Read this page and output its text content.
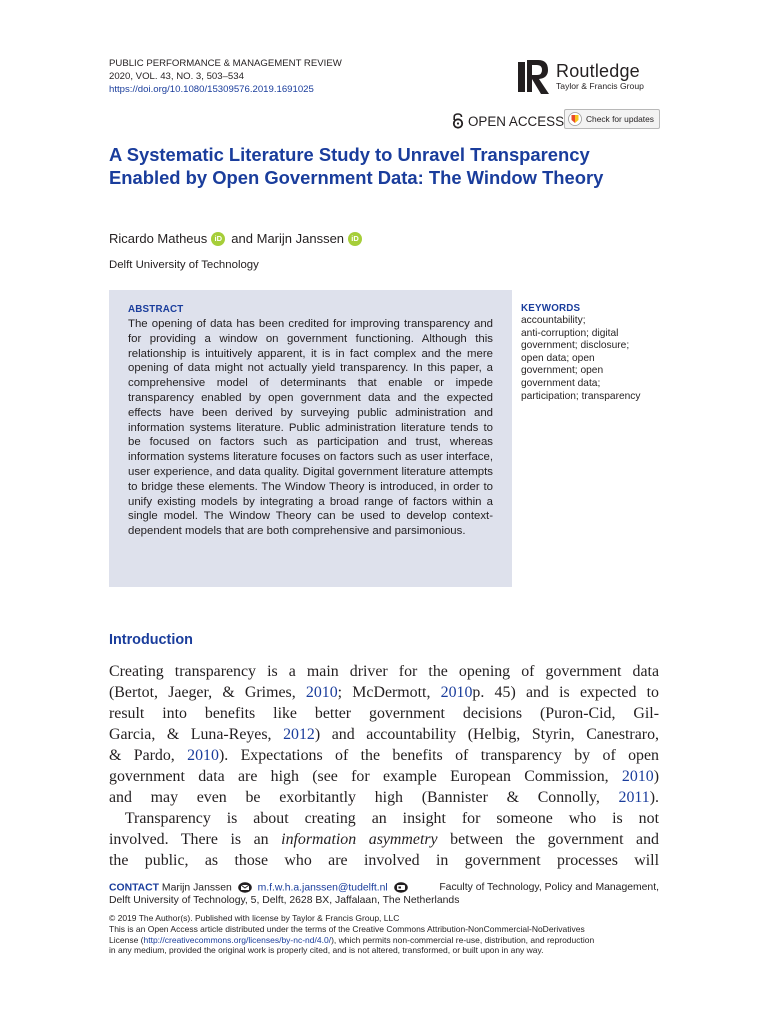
PUBLIC PERFORMANCE & MANAGEMENT REVIEW
2020, VOL. 43, NO. 3, 503–534
https://doi.org/10.1080/15309576.2019.1691025
Routledge
Taylor & Francis Group
OPEN ACCESS	Check for updates
A Systematic Literature Study to Unravel Transparency Enabled by Open Government Data: The Window Theory
Ricardo Matheus iD and
Marijn Janssen iD
Delft University of Technology
ABSTRACT

The opening of data has been credited for improving transparency and for providing a window on government functioning. Although this relationship is intuitively apparent, it is in fact complex and the mere opening of data might not actually yield transparency. In this paper, a comprehensive model of determinants that enable or impede transparency enabled by open government data and the expected effects have been derived by surveying public administration and information systems literature. Public administration literature tends to be focused on factors such as participation and trust, whereas information systems literature focuses on factors such as user interface, user experience, and data quality. Digital government literature attempts to bridge these elements. The Window Theory is introduced, in order to unify existing models by integrating a broad range of factors within a single model. The Window Theory can be used to develop context-dependent models that are both comprehensive and parsimonious.

KEYWORDS
accountability;
anti-corruption; digital
government; disclosure;
open data; open
government; open
government data;
participation; transparency
Introduction
Creating transparency is a main driver for the opening of government data
(Bertot, Jaeger, & Grimes, 2010; McDermott, 2010p. 45) and is expected to
result into benefits like better government decisions (Puron-Cid, Gil-
Garcia, & Luna-Reyes, 2012) and accountability (Helbig, Styrin, Canestraro,
& Pardo, 2010). Expectations of the benefits of transparency by of open
government data are high (see for example European Commission, 2010)
and may even be exorbitantly high (Bannister & Connolly, 2011).
 Transparency is about creating an insight for someone who is not
involved. There is an information asymmetry between the government and
the public, as those who are involved in government processes will
CONTACT Marijn Janssen m.f.w.h.a.janssen@tudelft.nl	Faculty of Technology, Policy and Management,
Delft University of Technology, 5, Delft, 2628 BX, Jaffalaan, The Netherlands
© 2019 The Author(s). Published with license by Taylor & Francis Group, LLC
This is an Open Access article distributed under the terms of the Creative Commons Attribution-NonCommercial-NoDerivatives
License (http://creativecommons.org/licenses/by-nc-nd/4.0/), which permits non-commercial re-use, distribution, and reproduction
in any medium, provided the original work is properly cited, and is not altered, transformed, or built upon in any way.
